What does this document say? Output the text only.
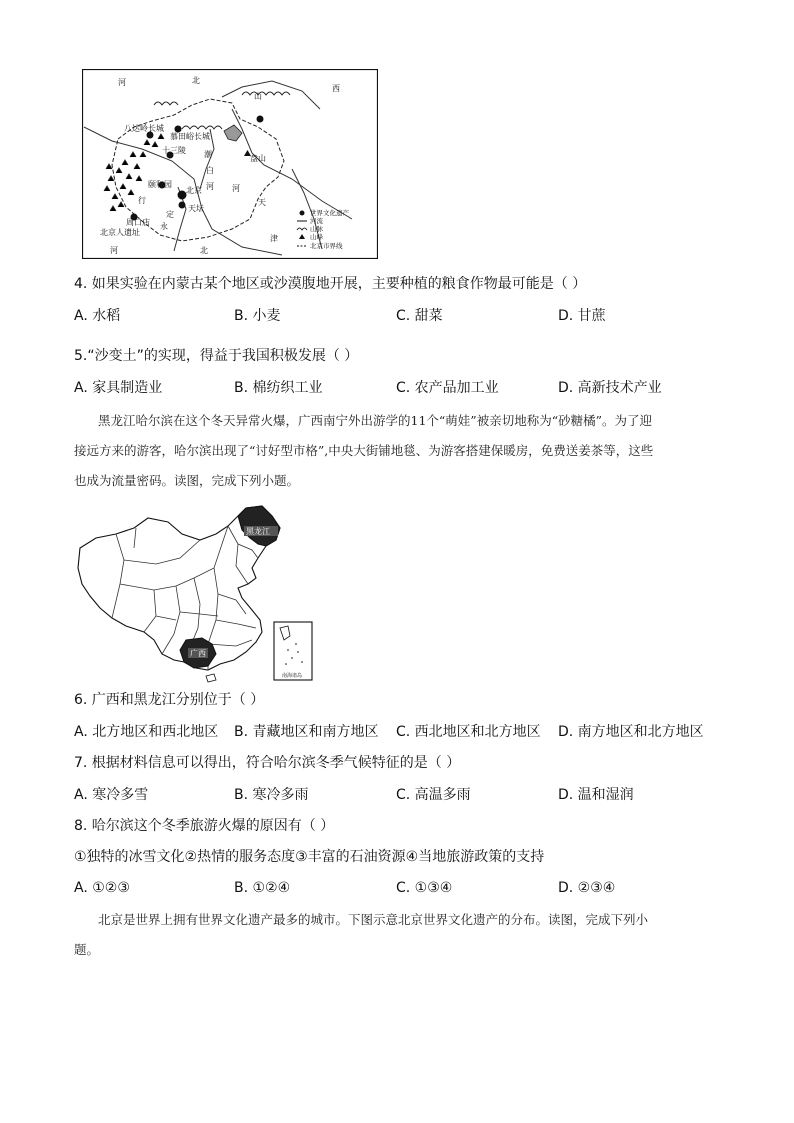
河	北
山
西
八达岭长城
慕田峪长城
十三陵 潮
白
河
颐和园
北京
天坛
盘山
周口店
北京人遗址
天
津
河
河	北
行
定
永
世界文化遗产
河流
山脉
山峰
北京市界线
4. 如果实验在内蒙古某个地区或沙漠腹地开展，主要种植的粮食作物最可能是（ ）
A. 水稻	B. 小麦	C. 甜菜	D. 甘蔗
5.“沙变土”的实现，得益于我国积极发展（ ）
A. 家具制造业	B. 棉纺织工业	C. 农产品加工业	D. 高新技术产业
黑龙江哈尔滨在这个冬天异常火爆，广西南宁外出游学的11个“萌娃”被亲切地称为“砂糖橘”。为了迎
接远方来的游客，哈尔滨出现了“讨好型市格”,中央大街铺地毯、为游客搭建保暖房，免费送姜茶等，这些
也成为流量密码。读图，完成下列小题。
黑龙江
广西
南海诸岛
6. 广西和黑龙江分别位于（ ）
A. 北方地区和西北地区 B. 青藏地区和南方地区 C. 西北地区和北方地区 D. 南方地区和北方地区
7. 根据材料信息可以得出，符合哈尔滨冬季气候特征的是（ ）
A. 寒冷多雪	B. 寒冷多雨	C. 高温多雨	D. 温和湿润
8. 哈尔滨这个冬季旅游火爆的原因有（ ）
①独特的冰雪文化②热情的服务态度③丰富的石油资源④当地旅游政策的支持
A. ①②③	B. ①②④	C. ①③④	D. ②③④
北京是世界上拥有世界文化遗产最多的城市。下图示意北京世界文化遗产的分布。读图，完成下列小
题。
